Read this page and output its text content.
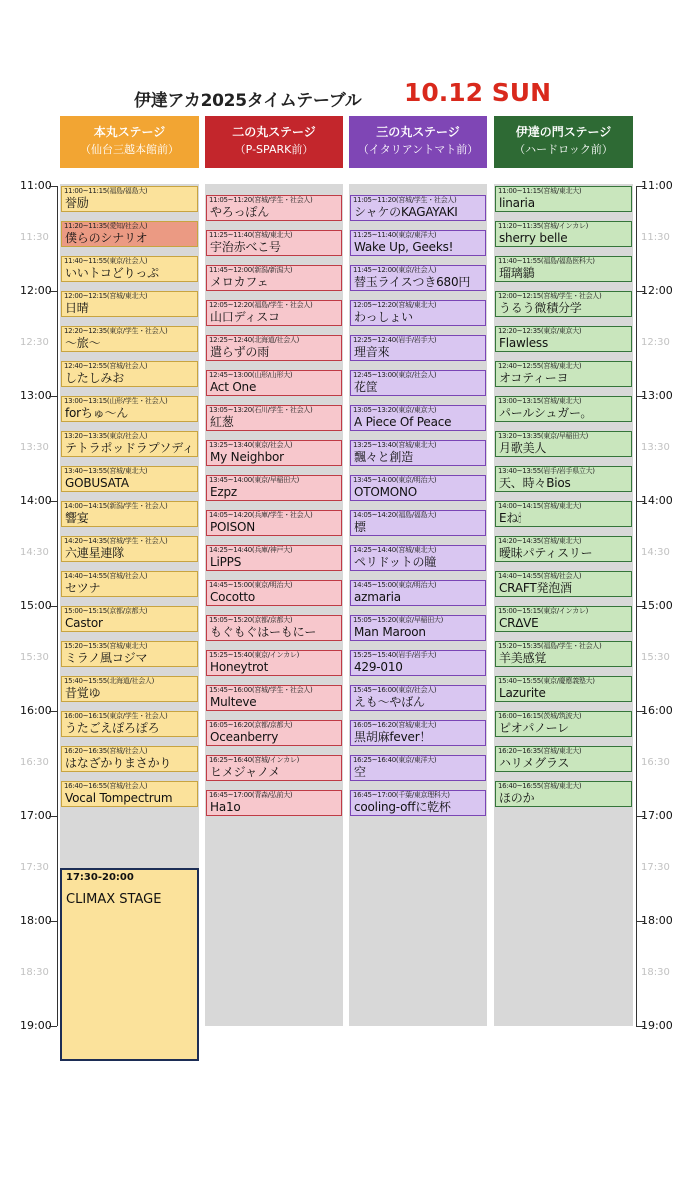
伊達アカ2025タイムテーブル 10.12 SUN
本丸ステージ
（仙台三越本館前）
二の丸ステージ
（P-SPARK前）
三の丸ステージ
（イタリアントマト前）
伊達の門ステージ
（ハードロック前）
11:00~11:15(福島/福島大)
誉励
11:20~11:35(愛知/社会人)
僕らのシナリオ
11:40~11:55(東京/社会人)
いいトコどりっぷ
12:00~12:15(宮城/東北大)
日晴
12:20~12:35(東京/学生・社会人)
～旅～
12:40~12:55(宮城/社会人)
したしみお
13:00~13:15(山形/学生・社会人)
forちゅ～ん
13:20~13:35(東京/社会人)
テトラポッドラプソディ
13:40~13:55(宮城/東北大)
GOBUSATA
14:00~14:15(新潟/学生・社会人)
響宴
14:20~14:35(宮城/学生・社会人)
六連星連隊
14:40~14:55(宮城/社会人)
セツナ
15:00~15:15(京都/京都大)
Castor
15:20~15:35(宮城/東北大)
ミラノ風コジマ
15:40~15:55(北海道/社会人)
昔覚ゆ
16:00~16:15(東京/学生・社会人)
うたごえぽろぽろ
16:20~16:35(宮城/社会人)
はなざかりまさかり
16:40~16:55(宮城/社会人)
Vocal Tompectrum
11:05~11:20(宮城/学生・社会人)
やろっぽん
11:25~11:40(宮城/東北大)
宇治赤べこ号
11:45~12:00(新潟/新潟大)
メロカフェ
12:05~12:20(福島/学生・社会人)
山口ディスコ
12:25~12:40(北海道/社会人)
遣らずの雨
12:45~13:00(山形/山形大)
Act One
13:05~13:20(石川/学生・社会人)
紅葱
13:25~13:40(東京/社会人)
My Neighbor
13:45~14:00(東京/早稲田大)
Ezpz
14:05~14:20(兵庫/学生・社会人)
POISON
14:25~14:40(兵庫/神戸大)
LiPPS
14:45~15:00(東京/明治大)
Cocotto
15:05~15:20(京都/京都大)
もぐもぐはーもにー
15:25~15:40(東京/インカレ)
Honeytrot
15:45~16:00(宮城/学生・社会人)
Multeve
16:05~16:20(京都/京都大)
Oceanberry
16:25~16:40(宮城/インカレ)
ヒメジャノメ
16:45~17:00(青森/弘前大)
Ha1o
11:05~11:20(宮城/学生・社会人)
シャケのKAGAYAKI
11:25~11:40(東京/東洋大)
Wake Up, Geeks!
11:45~12:00(東京/社会人)
替玉ライスつき680円
12:05~12:20(宮城/東北大)
わっしょい
12:25~12:40(岩手/岩手大)
理音來
12:45~13:00(東京/社会人)
花筐
13:05~13:20(東京/東京大)
A Piece Of Peace
13:25~13:40(宮城/東北大)
飄々と創造
13:45~14:00(東京/明治大)
OTOMONO
14:05~14:20(福島/福島大)
標
14:25~14:40(宮城/東北大)
ペリドットの瞳
14:45~15:00(東京/明治大)
azmaria
15:05~15:20(東京/早稲田大)
Man Maroon
15:25~15:40(岩手/岩手大)
429-010
15:45~16:00(東京/社会人)
えも～やばん
16:05~16:20(宮城/東北大)
黒胡麻fever！
16:25~16:40(東京/東洋大)
空
16:45~17:00(千葉/東京理科大)
cooling-offに乾杯
11:00~11:15(宮城/東北大)
linaria
11:20~11:35(宮城/インカレ)
sherry belle
11:40~11:55(福島/福島医科大)
瑠璃鶲
12:00~12:15(宮城/学生・社会人)
うるう微積分学
12:20~12:35(東京/東京大)
Flawless
12:40~12:55(宮城/東北大)
オコティーヨ
13:00~13:15(宮城/東北大)
パールシュガー。
13:20~13:35(東京/早稲田大)
月歌美人
13:40~13:55(岩手/岩手県立大)
天、時々Bios
14:00~14:15(宮城/東北大)
Eね🕯
14:20~14:35(宮城/東北大)
曖昧パティスリー
14:40~14:55(宮城/社会人)
CRAFT発泡酒
15:00~15:15(東京/インカレ)
CR∆VE
15:20~15:35(福島/学生・社会人)
羊美感覚
15:40~15:55(東京/慶應義塾大)
Lazurite
16:00~16:15(茨城/筑波大)
ピオパノーレ
16:20~16:35(宮城/東北大)
ハリメグラス
16:40~16:55(宮城/東北大)
ほのか
11:00
11:30
12:00
12:30
13:00
13:30
14:00
14:30
15:00
15:30
16:00
16:30
17:00
17:30
18:00
18:30
19:00
11:00
11:30
12:00
12:30
13:00
13:30
14:00
14:30
15:00
15:30
16:00
16:30
17:00
17:30
18:00
18:30
19:00
17:30-20:00
CLIMAX STAGE
